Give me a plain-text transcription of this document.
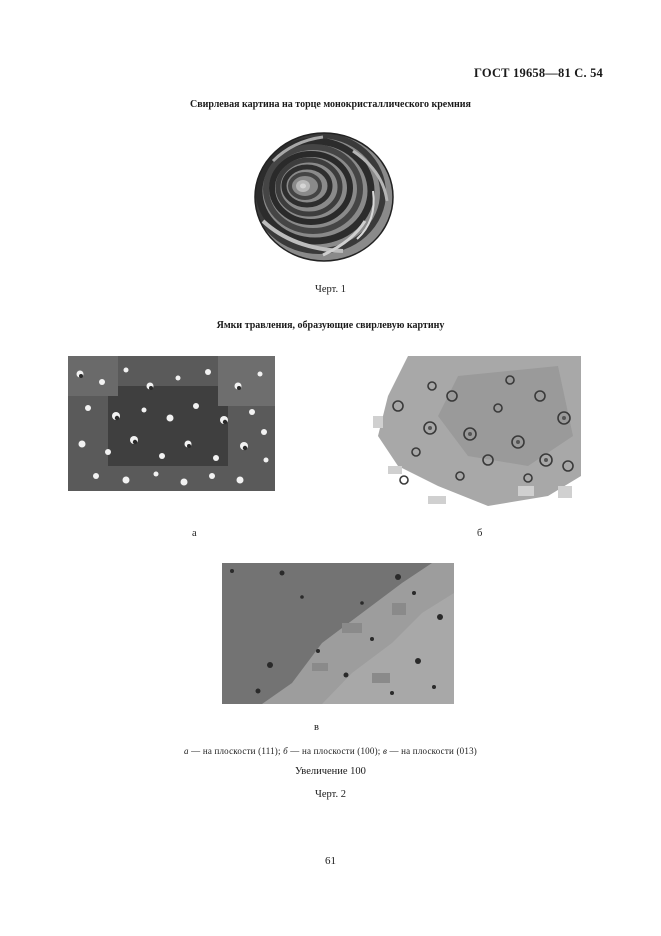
ГОСТ 19658—81 С. 54
Свирлевая картина на торце монокристаллического кремния
Черт. 1
Ямки травления, образующие свирлевую картину
а	б
в
а — на плоскости (111); б — на плоскости (100); в — на плоскости (013)
Увеличение 100
Черт. 2
61
